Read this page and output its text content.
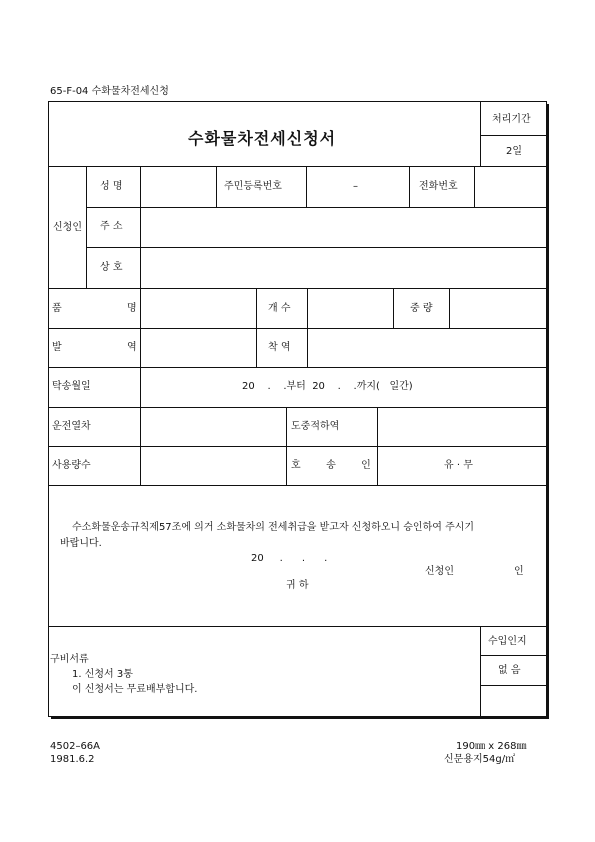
65-F-04 수화물차전세신청
수화물차전세신청서
처리기간
2일
신청인
성 명	주민등록번호	–	전화번호
주 소
상 호
품	명	개 수	중 량
발	역	착 역
탁송월일	20    .    .부터  20    .    .까지(   일간)
운전열차	도중적하역
사용량수	호        송        인	유 · 무
수소화물운송규칙제57조에 의거 소화물차의 전세취급을 받고자 신청하오니 승인하여 주시기
바랍니다.
20     .      .      .
신청인	인
귀 하
구비서류
1. 신청서 3통
이 신청서는 무료배부합니다.
수입인지
없 음
4502–66A
1981.6.2
190㎜ x 268㎜
신문용지54g/㎡
